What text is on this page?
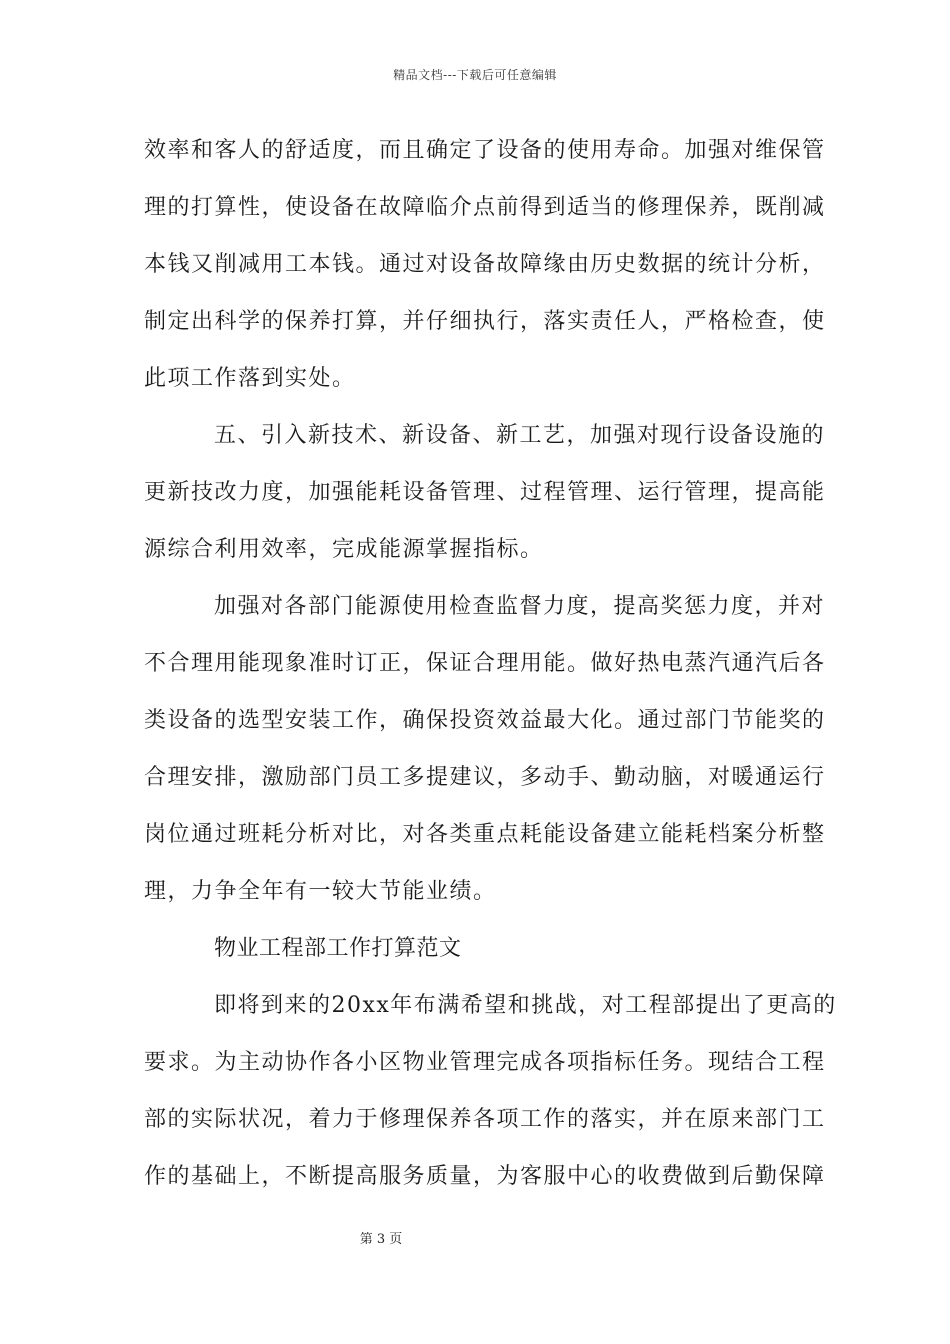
精品文档---下载后可任意编辑
效率和客人的舒适度，而且确定了设备的使用寿命。加强对维保管
理的打算性，使设备在故障临介点前得到适当的修理保养，既削减
本钱又削减用工本钱。通过对设备故障缘由历史数据的统计分析，
制定出科学的保养打算，并仔细执行，落实责任人，严格检查，使
此项工作落到实处。
五、引入新技术、新设备、新工艺，加强对现行设备设施的
更新技改力度，加强能耗设备管理、过程管理、运行管理，提高能
源综合利用效率，完成能源掌握指标。
加强对各部门能源使用检查监督力度，提高奖惩力度，并对
不合理用能现象准时订正，保证合理用能。做好热电蒸汽通汽后各
类设备的选型安装工作，确保投资效益最大化。通过部门节能奖的
合理安排，激励部门员工多提建议，多动手、勤动脑，对暖通运行
岗位通过班耗分析对比，对各类重点耗能设备建立能耗档案分析整
理，力争全年有一较大节能业绩。
物业工程部工作打算范文
即将到来的20xx年布满希望和挑战，对工程部提出了更高的
要求。为主动协作各小区物业管理完成各项指标任务。现结合工程
部的实际状况，着力于修理保养各项工作的落实，并在原来部门工
作的基础上，不断提高服务质量，为客服中心的收费做到后勤保障
第 3 页
